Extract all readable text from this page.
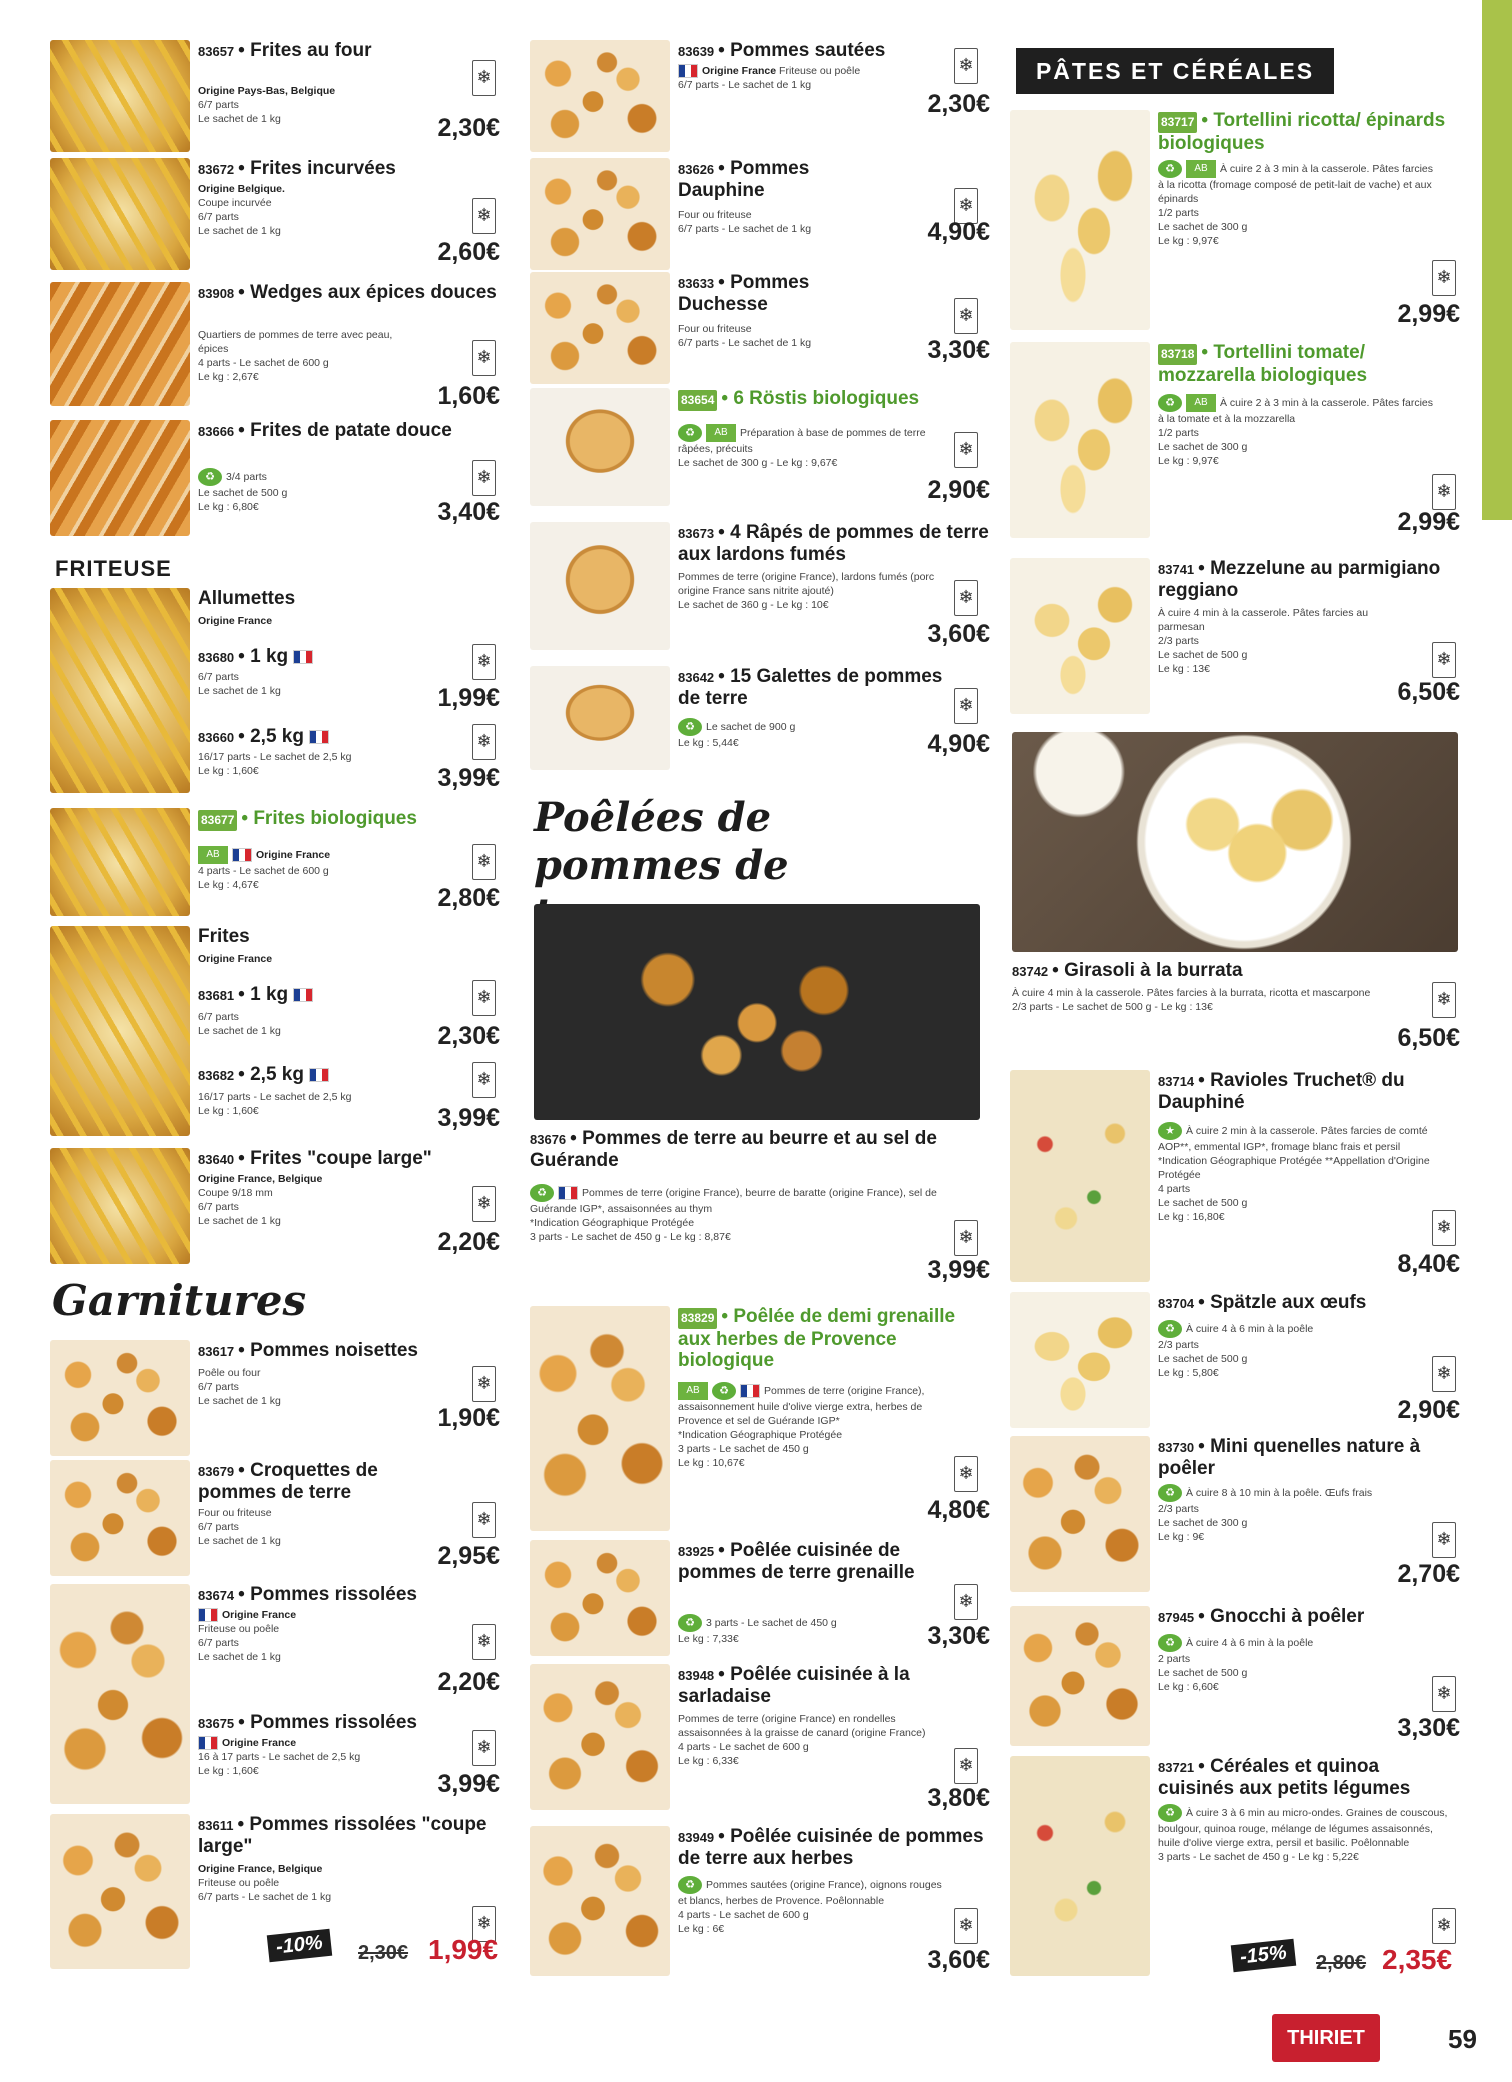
83657 • Frites au four
Origine Pays-Bas, Belgique
6/7 parts
Le sachet de 1 kg
❄
2,30€
83672 • Frites incurvées
Origine Belgique.
Coupe incurvée
6/7 parts
Le sachet de 1 kg
❄
2,60€
83908 • Wedges aux épices douces
Quartiers de pommes de terre avec peau, épices
4 parts - Le sachet de 600 g
Le kg : 2,67€
❄
1,60€
83666 • Frites de patate douce
♻ 3/4 parts
Le sachet de 500 g
Le kg : 6,80€
❄
3,40€
FRITEUSE
Allumettes
Origine France
83680 • 1 kg
6/7 parts
Le sachet de 1 kg
❄
1,99€
83660 • 2,5 kg
16/17 parts - Le sachet de 2,5 kg
Le kg : 1,60€
❄
3,99€
83677 • Frites biologiques
AB	Origine France
4 parts - Le sachet de 600 g
Le kg : 4,67€
❄
2,80€
Frites
Origine France
83681 • 1 kg
6/7 parts
Le sachet de 1 kg
❄
2,30€
83682 • 2,5 kg
16/17 parts - Le sachet de 2,5 kg
Le kg : 1,60€
❄
3,99€
83640 • Frites "coupe large"
Origine France, Belgique
Coupe 9/18 mm
6/7 parts
Le sachet de 1 kg
❄
2,20€
Garnitures
83617 • Pommes noisettes
Poêle ou four
6/7 parts
Le sachet de 1 kg
❄
1,90€
83679 • Croquettes de pommes de terre
Four ou friteuse
6/7 parts
Le sachet de 1 kg
❄
2,95€
83674 • Pommes rissolées
Origine France
Friteuse ou poêle
6/7 parts
Le sachet de 1 kg
❄
2,20€
83675 • Pommes rissolées
Origine France
16 à 17 parts - Le sachet de 2,5 kg
Le kg : 1,60€
❄
3,99€
83611 • Pommes rissolées "coupe large"
Origine France, Belgique
Friteuse ou poêle
6/7 parts - Le sachet de 1 kg
❄
-10%	2,30€ 1,99€
83639 • Pommes sautées
Origine France Friteuse ou poêle
6/7 parts - Le sachet de 1 kg
❄
2,30€
83626 • Pommes Dauphine
Four ou friteuse
6/7 parts - Le sachet de 1 kg
❄
4,90€
83633 • Pommes Duchesse
Four ou friteuse
6/7 parts - Le sachet de 1 kg
❄
3,30€
83654 • 6 Röstis biologiques
♻ AB Préparation à base de pommes de terre râpées, précuits
Le sachet de 300 g - Le kg : 9,67€
❄
2,90€
83673 • 4 Râpés de pommes de terre aux lardons fumés
Pommes de terre (origine France), lardons fumés (porc origine France sans nitrite ajouté)
Le sachet de 360 g - Le kg : 10€	❄
3,60€
83642 • 15 Galettes de pommes de terre
♻ Le sachet de 900 g
Le kg : 5,44€
❄
4,90€
Poêlées de pommes de
83676 • Pommes de terre au beurre et au sel de Guérande
♻	Pommes de terre (origine France), beurre de baratte (origine France), sel de Guérande IGP*, assaisonnées au thym
*Indication Géographique Protégée
3 parts - Le sachet de 450 g - Le kg : 8,87€	❄
3,99€
83829 • Poêlée de demi grenaille aux herbes de Provence biologique
AB ♻	Pommes de terre (origine France), assaisonnement huile d'olive vierge extra, herbes de Provence et sel de Guérande IGP*
*Indication Géographique Protégée
3 parts - Le sachet de 450 g
Le kg : 10,67€	❄
4,80€
83925 • Poêlée cuisinée de pommes de terre grenaille
♻ 3 parts - Le sachet de 450 g
Le kg : 7,33€
❄
3,30€
83948 • Poêlée cuisinée à la sarladaise
Pommes de terre (origine France) en rondelles assaisonnées à la graisse de canard (origine France)
4 parts - Le sachet de 600 g
Le kg : 6,33€	❄
3,80€
83949 • Poêlée cuisinée de pommes de terre aux herbes
♻ Pommes sautées (origine France), oignons rouges et blancs, herbes de Provence. Poêlonnable
4 parts - Le sachet de 600 g
Le kg : 6€	❄
3,60€
PÂTES ET CÉRÉALES
83717 • Tortellini ricotta/ épinards biologiques
♻ AB À cuire 2 à 3 min à la casserole. Pâtes farcies à la ricotta (fromage composé de petit-lait de vache) et aux épinards
1/2 parts
Le sachet de 300 g
Le kg : 9,97€
❄
2,99€
83718 • Tortellini tomate/ mozzarella biologiques
♻ AB À cuire 2 à 3 min à la casserole. Pâtes farcies à la tomate et à la mozzarella
1/2 parts
Le sachet de 300 g
Le kg : 9,97€
❄
2,99€
83741 • Mezzelune au parmigiano reggiano
À cuire 4 min à la casserole. Pâtes farcies au parmesan
2/3 parts
Le sachet de 500 g
Le kg : 13€	❄
6,50€
83742 • Girasoli à la burrata
À cuire 4 min à la casserole. Pâtes farcies à la burrata, ricotta et mascarpone
2/3 parts - Le sachet de 500 g - Le kg : 13€	❄
6,50€
83714 • Ravioles Truchet® du Dauphiné
★ À cuire 2 min à la casserole. Pâtes farcies de comté AOP**, emmental IGP*, fromage blanc frais et persil
*Indication Géographique Protégée **Appellation d'Origine Protégée
4 parts
Le sachet de 500 g
Le kg : 16,80€	❄
8,40€
83704 • Spätzle aux œufs
♻ À cuire 4 à 6 min à la poêle
2/3 parts
Le sachet de 500 g
Le kg : 5,80€	❄
2,90€
83730 • Mini quenelles nature à poêler
♻ À cuire 8 à 10 min à la poêle. Œufs frais
2/3 parts
Le sachet de 300 g
Le kg : 9€	❄
2,70€
87945 • Gnocchi à poêler
♻ À cuire 4 à 6 min à la poêle
2 parts
Le sachet de 500 g
Le kg : 6,60€	❄
3,30€
83721 • Céréales et quinoa cuisinés aux petits légumes
♻ À cuire 3 à 6 min au micro-ondes. Graines de couscous, boulgour, quinoa rouge, mélange de légumes assaisonnés, huile d'olive vierge extra, persil et basilic. Poêlonnable
3 parts - Le sachet de 450 g - Le kg : 5,22€
❄
-15%	2,80€ 2,35€
THIRIET	59
